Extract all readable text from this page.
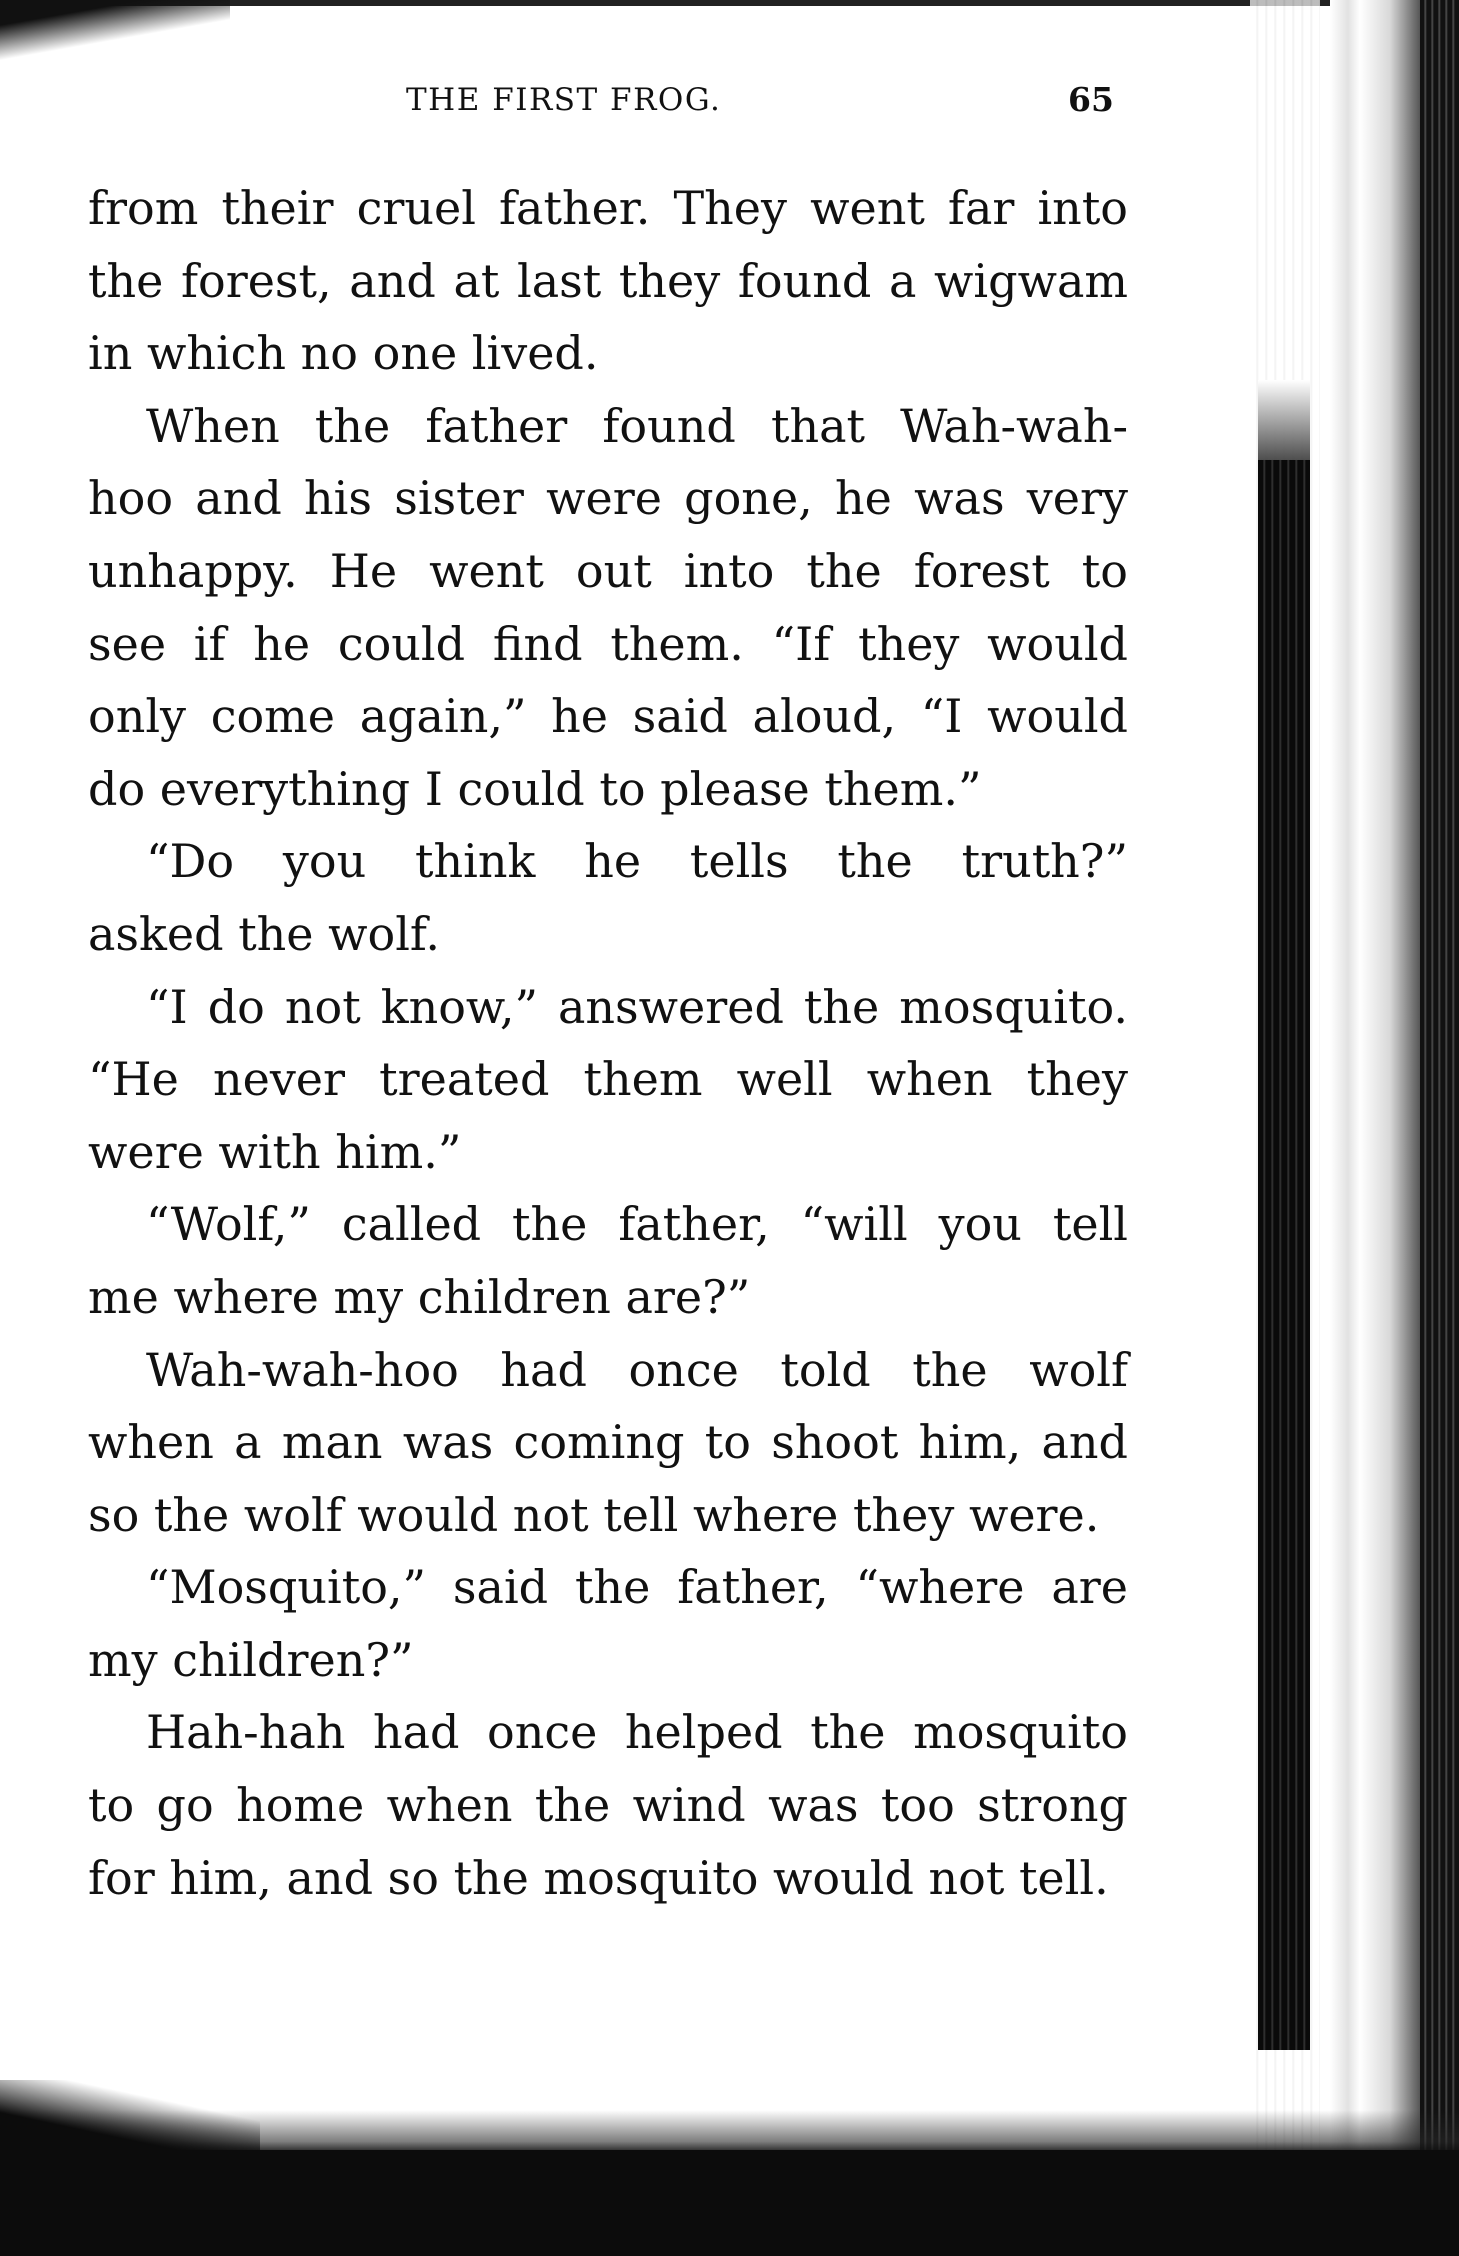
THE FIRST FROG.	65
from their cruel father. They went far into
the forest, and at last they found a wigwam
in which no one lived.
When the father found that Wah-wah-
hoo and his sister were gone, he was very
unhappy. He went out into the forest to
see if he could find them. “If they would
only come again,” he said aloud, “I would
do everything I could to please them.”
“Do you think he tells the truth?”
asked the wolf.
“I do not know,” answered the mosquito.
“He never treated them well when they
were with him.”
“Wolf,” called the father, “will you tell
me where my children are?”
Wah-wah-hoo had once told the wolf
when a man was coming to shoot him, and
so the wolf would not tell where they were.
“Mosquito,” said the father, “where are
my children?”
Hah-hah had once helped the mosquito
to go home when the wind was too strong
for him, and so the mosquito would not tell.
